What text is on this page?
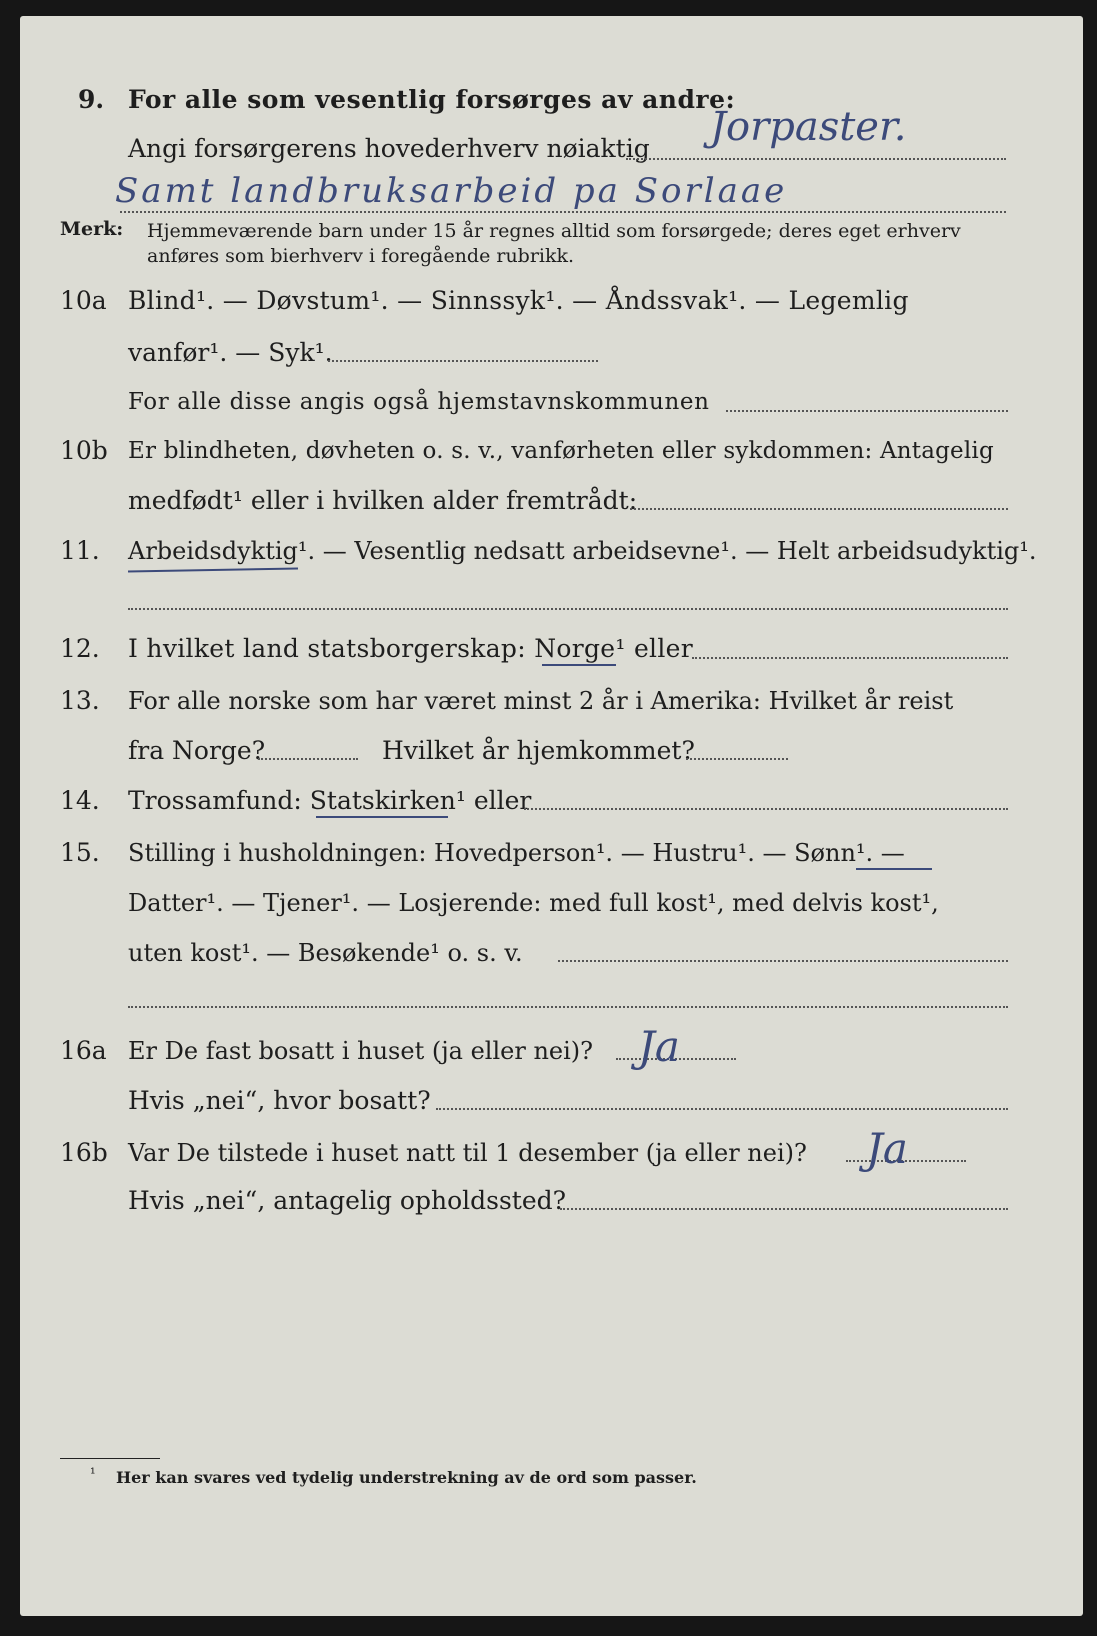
9. For alle som vesentlig forsørges av andre:
Jorpaster.
Angi forsørgerens hovederhverv nøiaktig
Samt landbruksarbeid pa Sorlaae
Merk: Hjemmeværende barn under 15 år regnes alltid som forsørgede; deres eget erhverv
anføres som bierhverv i foregående rubrikk.
10a Blind¹. — Døvstum¹. — Sinnssyk¹. — Åndssvak¹. — Legemlig
vanfør¹. — Syk¹.
For alle disse angis også hjemstavnskommunen
10b Er blindheten, døvheten o. s. v., vanførheten eller sykdommen: Antagelig
medfødt¹ eller i hvilken alder fremtrådt:
11. Arbeidsdyktig¹. — Vesentlig nedsatt arbeidsevne¹. — Helt arbeidsudyktig¹.
12. I hvilket land statsborgerskap: Norge¹ eller
13. For alle norske som har været minst 2 år i Amerika: Hvilket år reist
fra Norge?	Hvilket år hjemkommet?
14. Trossamfund: Statskirken¹ eller
15. Stilling i husholdningen: Hovedperson¹. — Hustru¹. — Sønn¹. —
Datter¹. — Tjener¹. — Losjerende: med full kost¹, med delvis kost¹,
uten kost¹. — Besøkende¹ o. s. v.
16a Er De fast bosatt i huset (ja eller nei)? Ja
Hvis „nei“, hvor bosatt?
16b Var De tilstede i huset natt til 1 desember (ja eller nei)? Ja
Hvis „nei“, antagelig opholdssted?
¹ Her kan svares ved tydelig understrekning av de ord som passer.
